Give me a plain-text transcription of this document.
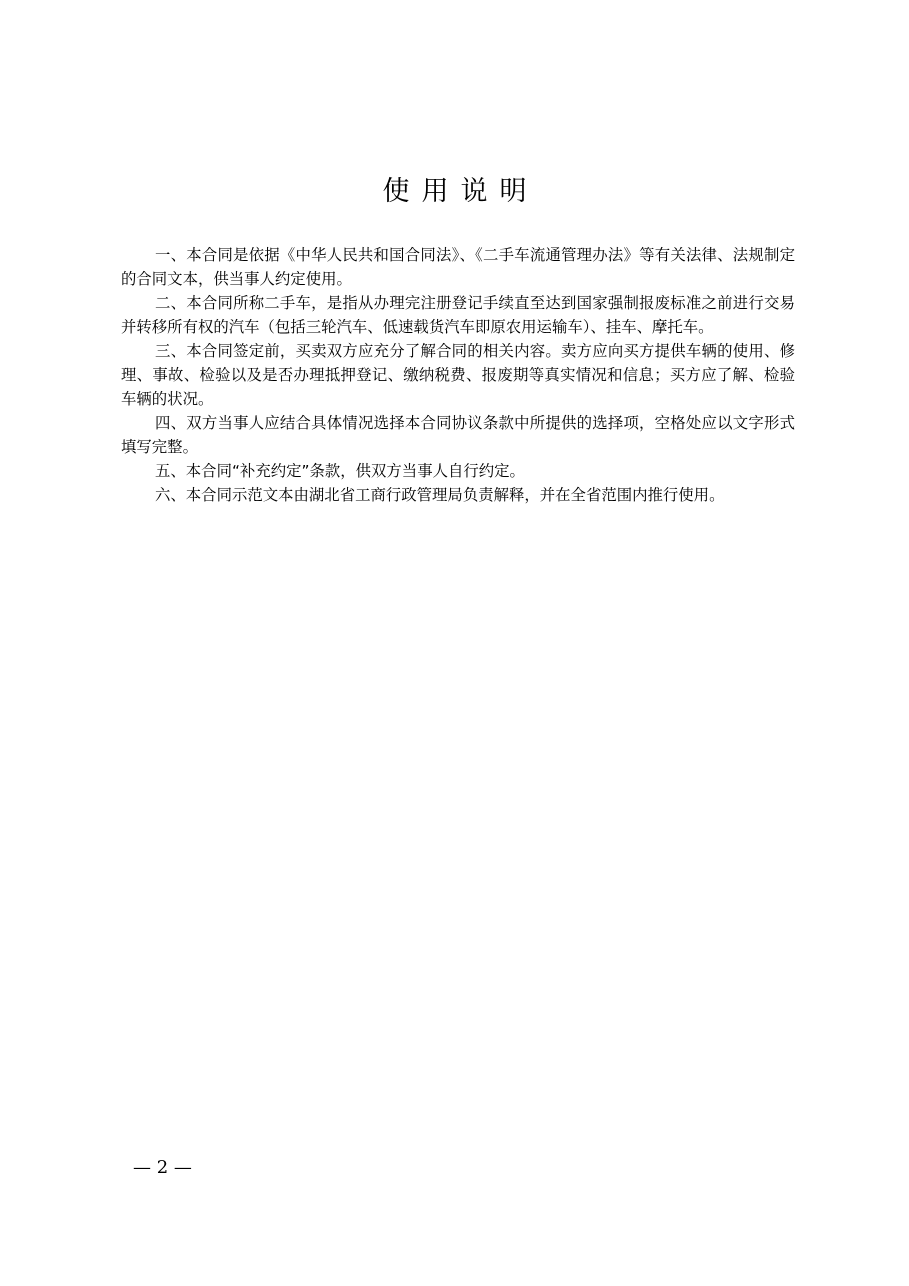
使用说明

一、本合同是依据《中华人民共和国合同法》、《二手车流通管理办法》等有关法律、法规制定的合同文本，供当事人约定使用。

二、本合同所称二手车，是指从办理完注册登记手续直至达到国家强制报废标准之前进行交易并转移所有权的汽车（包括三轮汽车、低速载货汽车即原农用运输车）、挂车、摩托车。

三、本合同签定前，买卖双方应充分了解合同的相关内容。卖方应向买方提供车辆的使用、修理、事故、检验以及是否办理抵押登记、缴纳税费、报废期等真实情况和信息；买方应了解、检验车辆的状况。

四、双方当事人应结合具体情况选择本合同协议条款中所提供的选择项，空格处应以文字形式填写完整。

五、本合同“补充约定”条款，供双方当事人自行约定。

六、本合同示范文本由湖北省工商行政管理局负责解释，并在全省范围内推行使用。

— 2 —
